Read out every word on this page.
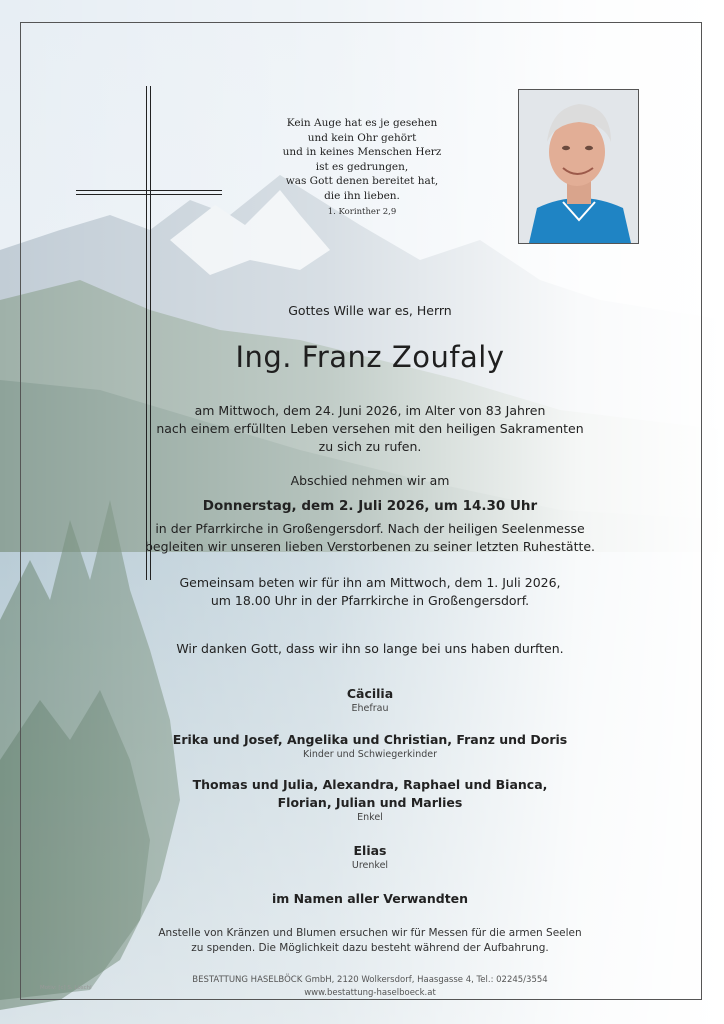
Kein Auge hat es je gesehen
und kein Ohr gehört
und in keines Menschen Herz
ist es gedrungen,
was Gott denen bereitet hat,
die ihn lieben.
1. Korinther 2,9
Gottes Wille war es, Herrn
Ing. Franz Zoufaly
am Mittwoch, dem 24. Juni 2026, im Alter von 83 Jahren
nach einem erfüllten Leben versehen mit den heiligen Sakramenten
zu sich zu rufen.
Abschied nehmen wir am
Donnerstag, dem 2. Juli 2026, um 14.30 Uhr
in der Pfarrkirche in Großengersdorf. Nach der heiligen Seelenmesse
begleiten wir unseren lieben Verstorbenen zu seiner letzten Ruhestätte.
Gemeinsam beten wir für ihn am Mittwoch, dem 1. Juli 2026,
um 18.00 Uhr in der Pfarrkirche in Großengersdorf.
Wir danken Gott, dass wir ihn so lange bei uns haben durften.
Cäcilia
Ehefrau
Erika und Josef, Angelika und Christian, Franz und Doris
Kinder und Schwiegerkinder
Thomas und Julia, Alexandra, Raphael und Bianca,
Florian, Julian und Marlies
Enkel
Elias
Urenkel
im Namen aller Verwandten
Anstelle von Kränzen und Blumen ersuchen wir für Messen für die armen Seelen
zu spenden. Die Möglichkeit dazu besteht während der Aufbahrung.
BESTATTUNG HASELBÖCK GmbH, 2120 Wolkersdorf, Haasgasse 4, Tel.: 02245/3554
www.bestattung-haselboeck.at
Motiv: [c] S. Löschl
